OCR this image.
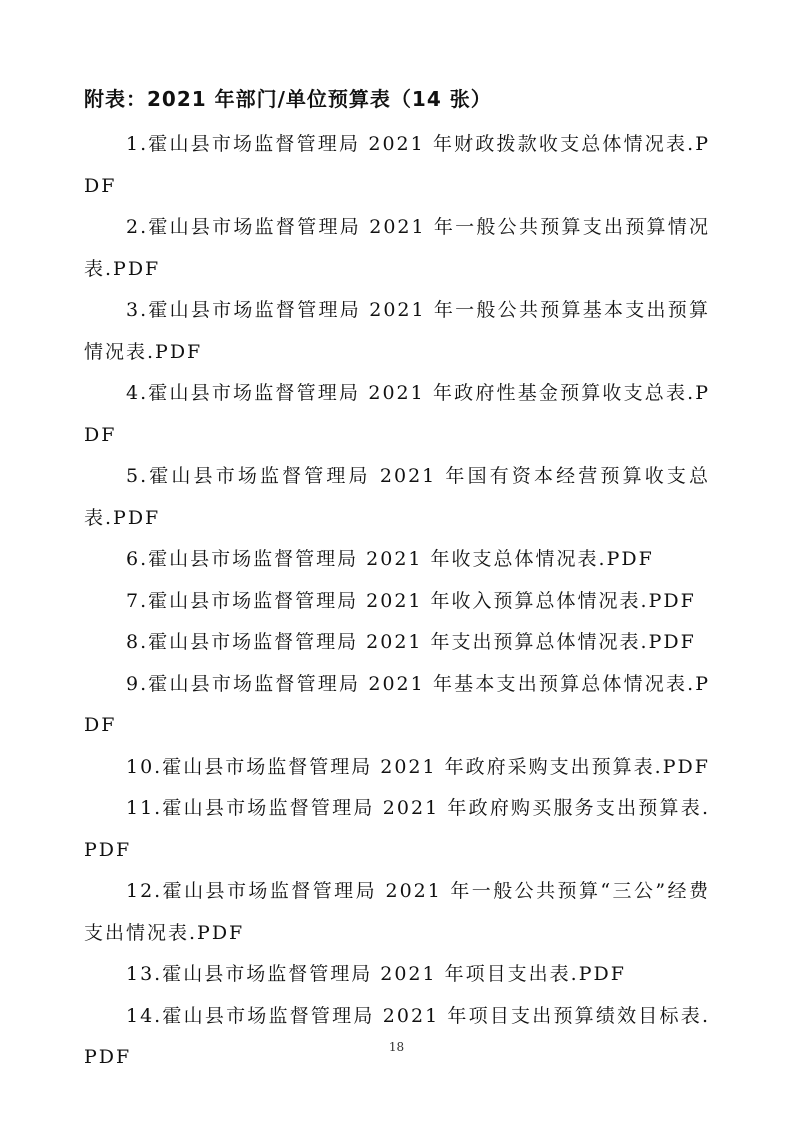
附表：2021 年部门/单位预算表（14 张）

1.霍山县市场监督管理局 2021 年财政拨款收支总体情况表.PDF

2.霍山县市场监督管理局 2021 年一般公共预算支出预算情况表.PDF

3.霍山县市场监督管理局 2021 年一般公共预算基本支出预算情况表.PDF

4.霍山县市场监督管理局 2021 年政府性基金预算收支总表.PDF

5.霍山县市场监督管理局 2021 年国有资本经营预算收支总表.PDF

6.霍山县市场监督管理局 2021 年收支总体情况表.PDF

7.霍山县市场监督管理局 2021 年收入预算总体情况表.PDF

8.霍山县市场监督管理局 2021 年支出预算总体情况表.PDF

9.霍山县市场监督管理局 2021 年基本支出预算总体情况表.PDF

10.霍山县市场监督管理局 2021 年政府采购支出预算表.PDF

11.霍山县市场监督管理局 2021 年政府购买服务支出预算表.PDF

12.霍山县市场监督管理局 2021 年一般公共预算“三公”经费支出情况表.PDF

13.霍山县市场监督管理局 2021 年项目支出表.PDF

14.霍山县市场监督管理局 2021 年项目支出预算绩效目标表.PDF	18
